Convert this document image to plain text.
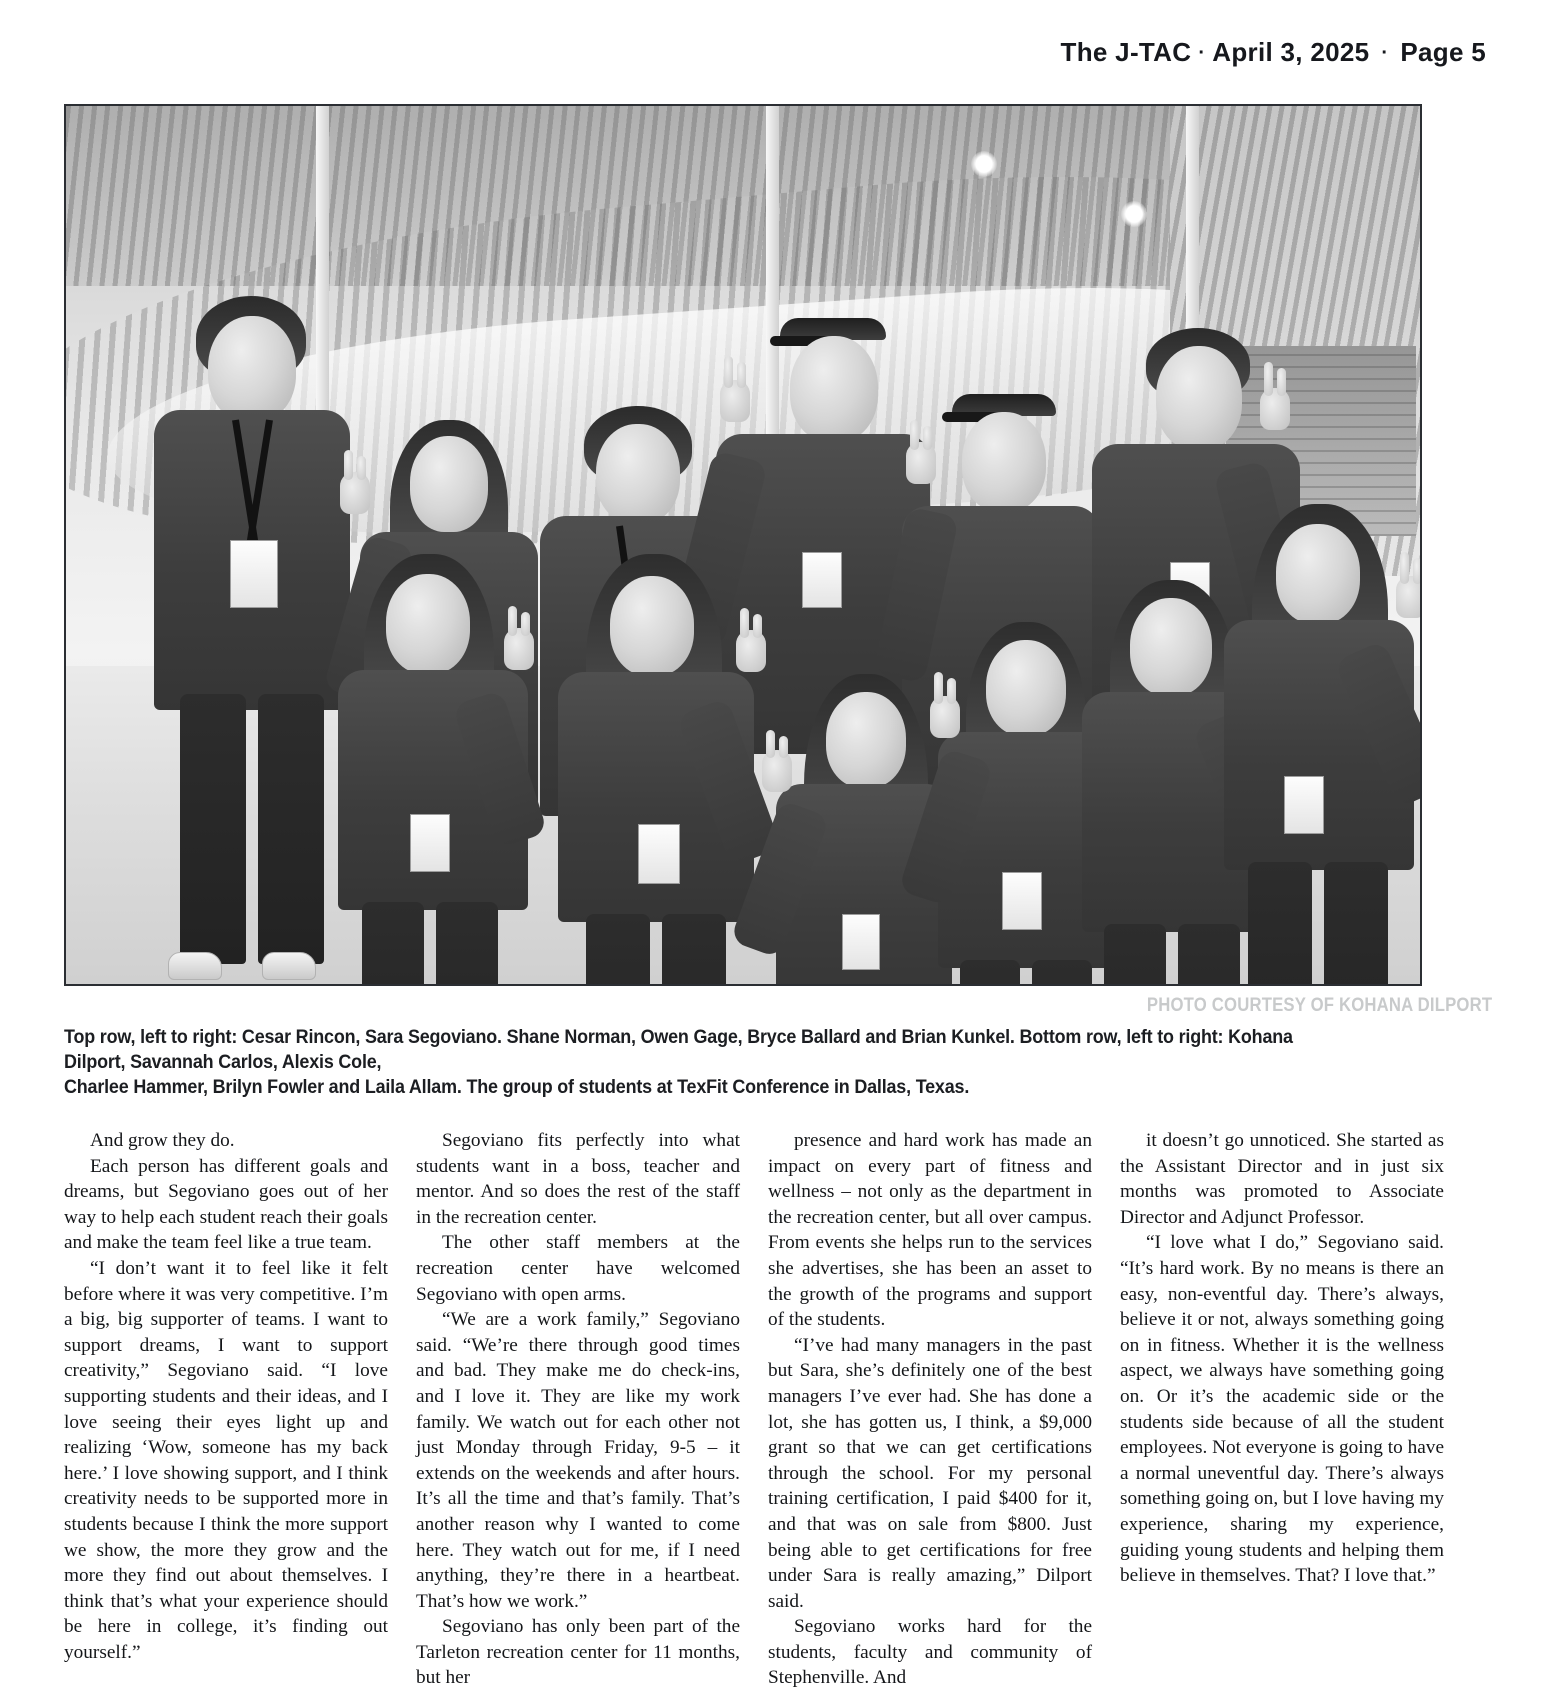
The J-TAC · April 3, 2025 · Page 5
PHOTO COURTESY OF KOHANA DILPORT
Top row, left to right: Cesar Rincon, Sara Segoviano. Shane Norman, Owen Gage, Bryce Ballard and Brian Kunkel. Bottom row, left to right: Kohana Dilport, Savannah Carlos, Alexis Cole,
Charlee Hammer, Brilyn Fowler and Laila Allam. The group of students at TexFit Conference in Dallas, Texas.

And grow they do.

Each person has different goals and dreams, but Segoviano goes out of her way to help each student reach their goals and make the team feel like a true team.

“I don’t want it to feel like it felt before where it was very competitive. I’m a big, big supporter of teams. I want to support dreams, I want to support creativity,” Segoviano said. “I love supporting students and their ideas, and I love seeing their eyes light up and realizing ‘Wow, someone has my back here.’ I love showing support, and I think creativity needs to be supported more in students because I think the more support we show, the more they grow and the more they find out about themselves. I think that’s what your experience should be here in college, it’s finding out yourself.”

Segoviano fits perfectly into what students want in a boss, teacher and mentor. And so does the rest of the staff in the recreation center.

The other staff members at the recreation center have welcomed Segoviano with open arms.

“We are a work family,” Segoviano said. “We’re there through good times and bad. They make me do check-ins, and I love it. They are like my work family. We watch out for each other not just Monday through Friday, 9-5 – it extends on the weekends and after hours. It’s all the time and that’s family. That’s another reason why I wanted to come here. They watch out for me, if I need anything, they’re there in a heartbeat. That’s how we work.”

Segoviano has only been part of the Tarleton recreation center for 11 months, but her

presence and hard work has made an impact on every part of fitness and wellness – not only as the department in the recreation center, but all over campus. From events she helps run to the services she advertises, she has been an asset to the growth of the programs and support of the students.

“I’ve had many managers in the past but Sara, she’s definitely one of the best managers I’ve ever had. She has done a lot, she has gotten us, I think, a $9,000 grant so that we can get certifications through the school. For my personal training certification, I paid $400 for it, and that was on sale from $800. Just being able to get certifications for free under Sara is really amazing,” Dilport said.

Segoviano works hard for the students, faculty and community of Stephenville. And

it doesn’t go unnoticed. She started as the Assistant Director and in just six months was promoted to Associate Director and Adjunct Professor.

“I love what I do,” Segoviano said. “It’s hard work. By no means is there an easy, non-eventful day. There’s always, believe it or not, always something going on in fitness. Whether it is the wellness aspect, we always have something going on. Or it’s the academic side or the students side because of all the student employees. Not everyone is going to have a normal uneventful day. There’s always something going on, but I love having my experience, sharing my experience, guiding young students and helping them believe in themselves. That? I love that.”
